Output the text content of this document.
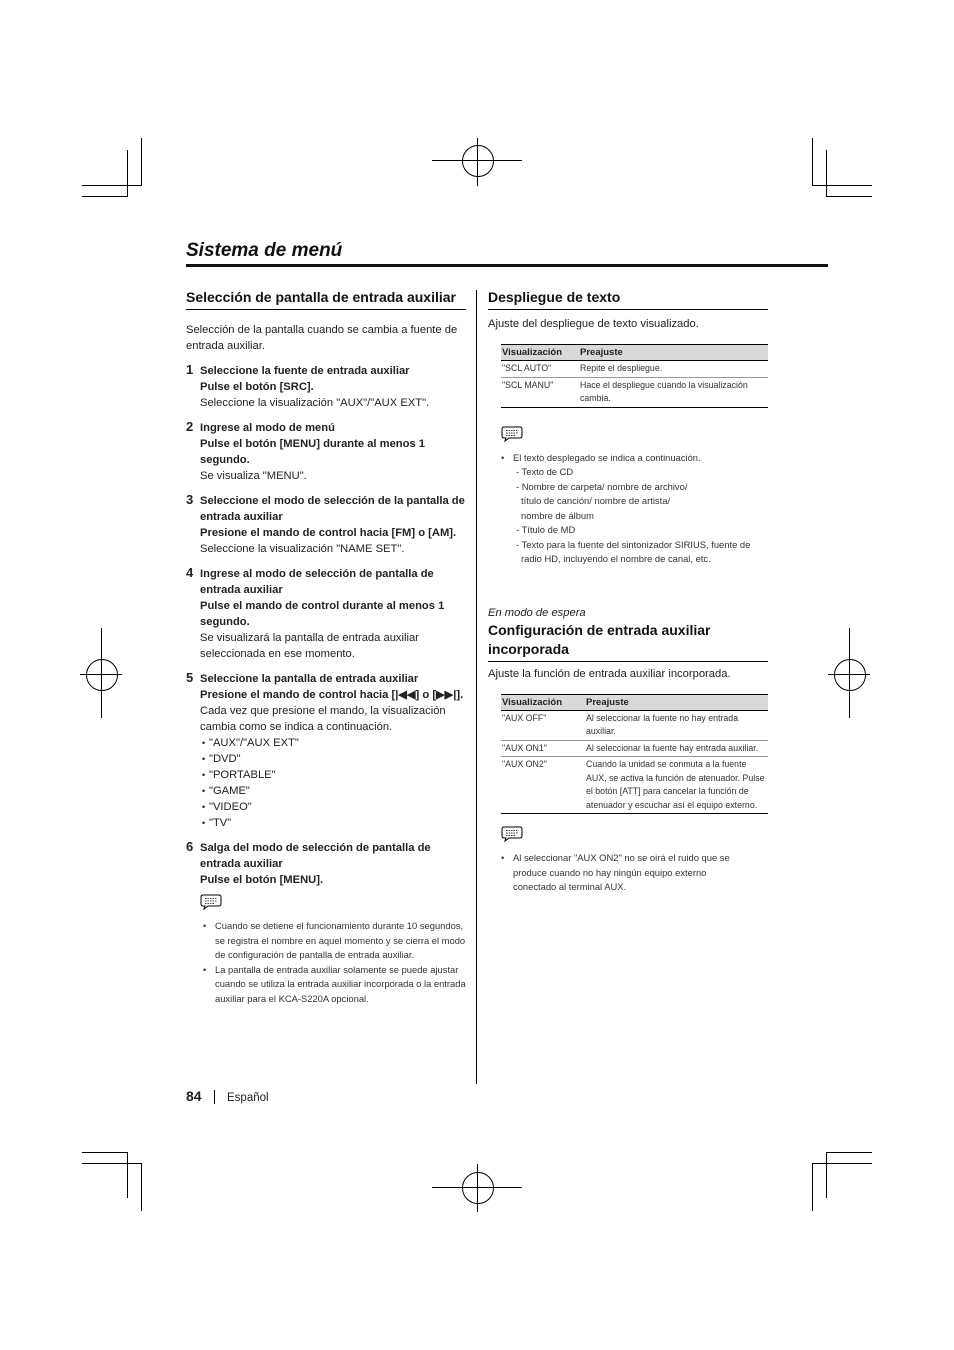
Sistema de menú
Selección de pantalla de entrada auxiliar

Selección de la pantalla cuando se cambia a fuente de entrada auxiliar.

1 Seleccione la fuente de entrada auxiliar

Pulse el botón [SRC].

Seleccione la visualización "AUX"/"AUX EXT".

2 Ingrese al modo de menú

Pulse el botón [MENU] durante al menos 1 segundo.

Se visualiza "MENU".

3 Seleccione el modo de selección de la pantalla de entrada auxiliar

Presione el mando de control hacia [FM] o [AM].

Seleccione la visualización "NAME SET".

4 Ingrese al modo de selección de pantalla de entrada auxiliar

Pulse el mando de control durante al menos 1 segundo.

Se visualizará la pantalla de entrada auxiliar seleccionada en ese momento.

5 Seleccione la pantalla de entrada auxiliar

Presione el mando de control hacia [|◀◀] o [▶▶|].

Cada vez que presione el mando, la visualización cambia como se indica a continuación.

• "AUX"/"AUX EXT"
• "DVD"
• "PORTABLE"
• "GAME"
• "VIDEO"
• "TV"
6 Salga del modo de selección de pantalla de entrada auxiliar

Pulse el botón [MENU].

• Cuando se detiene el funcionamiento durante 10 segundos, se registra el nombre en aquel momento y se cierra el modo de configuración de pantalla de entrada auxiliar.
• La pantalla de entrada auxiliar solamente se puede ajustar cuando se utiliza la entrada auxiliar incorporada o la entrada auxiliar para el KCA-S220A opcional.
Despliegue de texto

Ajuste del despliegue de texto visualizado.

Visualización	Preajuste
"SCL AUTO"	Repite el despliegue.
"SCL MANU"	Hace el despliegue cuando la visualización cambia.
• El texto desplegado se indica a continuación.
- Texto de CD
- Nombre de carpeta/ nombre de archivo/
título de canción/ nombre de artista/
nombre de álbum
- Título de MD
- Texto para la fuente del sintonizador SIRIUS, fuente de
radio HD, incluyendo el nombre de canal, etc.

En modo de espera

Configuración de entrada auxiliar incorporada

Ajuste la función de entrada auxiliar incorporada.

Visualización	Preajuste
"AUX OFF"	Al seleccionar la fuente no hay entrada auxiliar.
"AUX ON1"	Al seleccionar la fuente hay entrada auxiliar.
"AUX ON2"	Cuando la unidad se conmuta a la fuente AUX, se activa la función de atenuador. Pulse el botón [ATT] para cancelar la función de atenuador y escuchar así el equipo externo.
• Al seleccionar "AUX ON2" no se oirá el ruido que se produce cuando no hay ningún equipo externo conectado al terminal AUX.
84 Español
